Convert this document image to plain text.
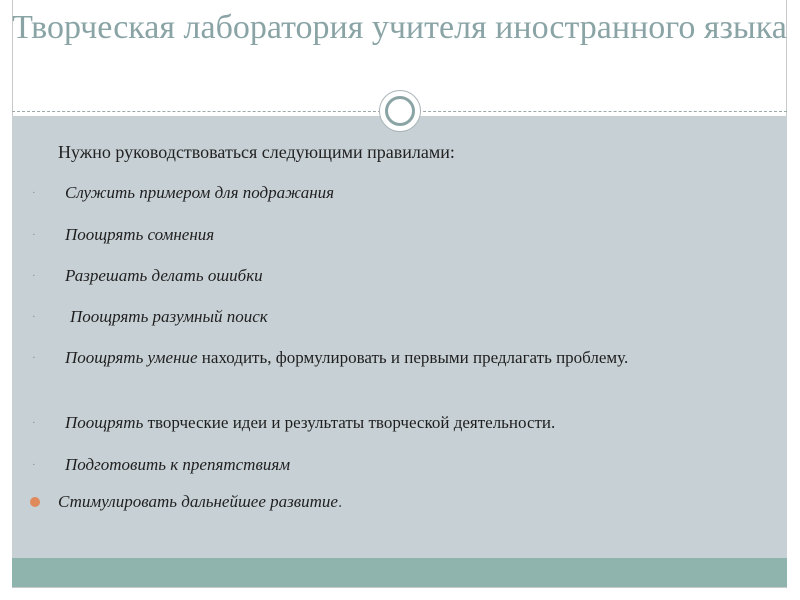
Творческая лаборатория учителя иностранного языка
Нужно руководствоваться следующими правилами:
· Служить примером для подражания
· Поощрять сомнения
· Разрешать делать ошибки
· Поощрять разумный поиск
· Поощрять умение находить, формулировать и первыми предлагать проблему.
· Поощрять творческие идеи и результаты творческой деятельности.
· Подготовить к препятствиям
Стимулировать дальнейшее развитие.
